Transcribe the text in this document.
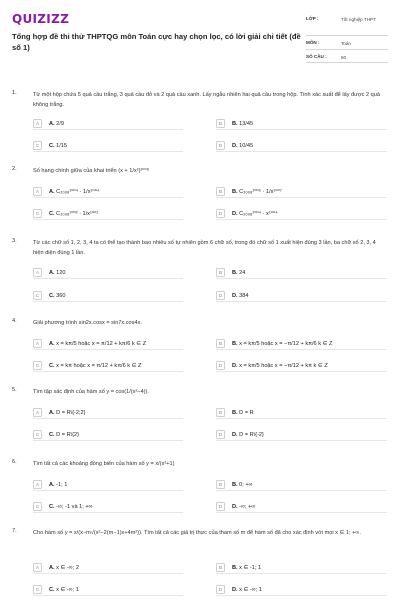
QUIZIZZ
Tổng hợp đề thi thử THPTQG môn Toán cực hay chọn lọc, có lời giải chi tiết (đề số 1)
LỚP :	Tốt nghiệp THPT
MÔN :	Toán
SỐ CÂU :	50
1.	Từ một hộp chứa 5 quả cầu trắng, 3 quả cầu đỏ và 2 quả cầu xanh. Lấy ngẫu nhiên hai quả cầu trong hộp. Tính xác suất để lấy được 2 quả không trắng.
A	A. 2/9	B	B. 13/45
C	C. 1/15	D	D. 10/45
2.	Số hạng chính giữa của khai triển (x + 1/x²)²⁰⁰⁸
A	A. C₂₀₀₈¹⁰⁰⁴ · 1/x¹⁰⁰⁴	B	B. C₂₀₀₈¹⁰⁰⁵ · 1/x¹⁰⁰⁷
C	C. C₂₀₀₈¹⁰⁰³ · 1/x¹⁰⁰¹	D	D. C₂₀₀₈¹⁰⁰⁴ · x¹⁰⁰⁴
3.	Từ các chữ số 1, 2, 3, 4 ta có thể tạo thành bao nhiêu số tự nhiên gồm 6 chữ số, trong đó chữ số 1 xuất hiện đúng 3 lần, ba chữ số 2, 3, 4 hiện diện đúng 1 lần.
A	A. 120	B	B. 24
C	C. 360	D	D. 384
4.	Giải phương trình sin2x.cosx = sin7x.cos4x.
A	A. x = kπ/5 hoặc x = π/12 + kπ/6 k ∈ Z	B	B. x = kπ/5 hoặc x = −π/12 + kπ/6 k ∈ Z
C	C. x = kπ hoặc x = π/12 + kπ/6 k ∈ Z	D	D. x = kπ/5 hoặc x = −π/12 + kπ k ∈ Z
5.	Tìm tập xác định của hàm số y = cos(1/(x²−4)).
A	A. D = R\{-2;2}	B	B. D = R
C	C. D = R\{2}	D	D. D = R\{-2}
6.	Tìm tất cả các khoảng đồng biến của hàm số y = x/(x²+1)
A	A. -1; 1	B	B. 0; +∞
C	C. -∞; -1 và 1; +∞	D	D. -∞; +∞
7.	Cho hàm số y = x/(x−m√(x²−2(m−1)x+4m²)). Tìm tất cả các giá trị thực của tham số m để hàm số đã cho xác định với mọi x ∈ 1; +∞.
A	A. x ∈ -∞; 2	B	B. x ∈ -1; 1
C	C. x ∈ -∞; 1	D	D. x ∈ -∞; 1
